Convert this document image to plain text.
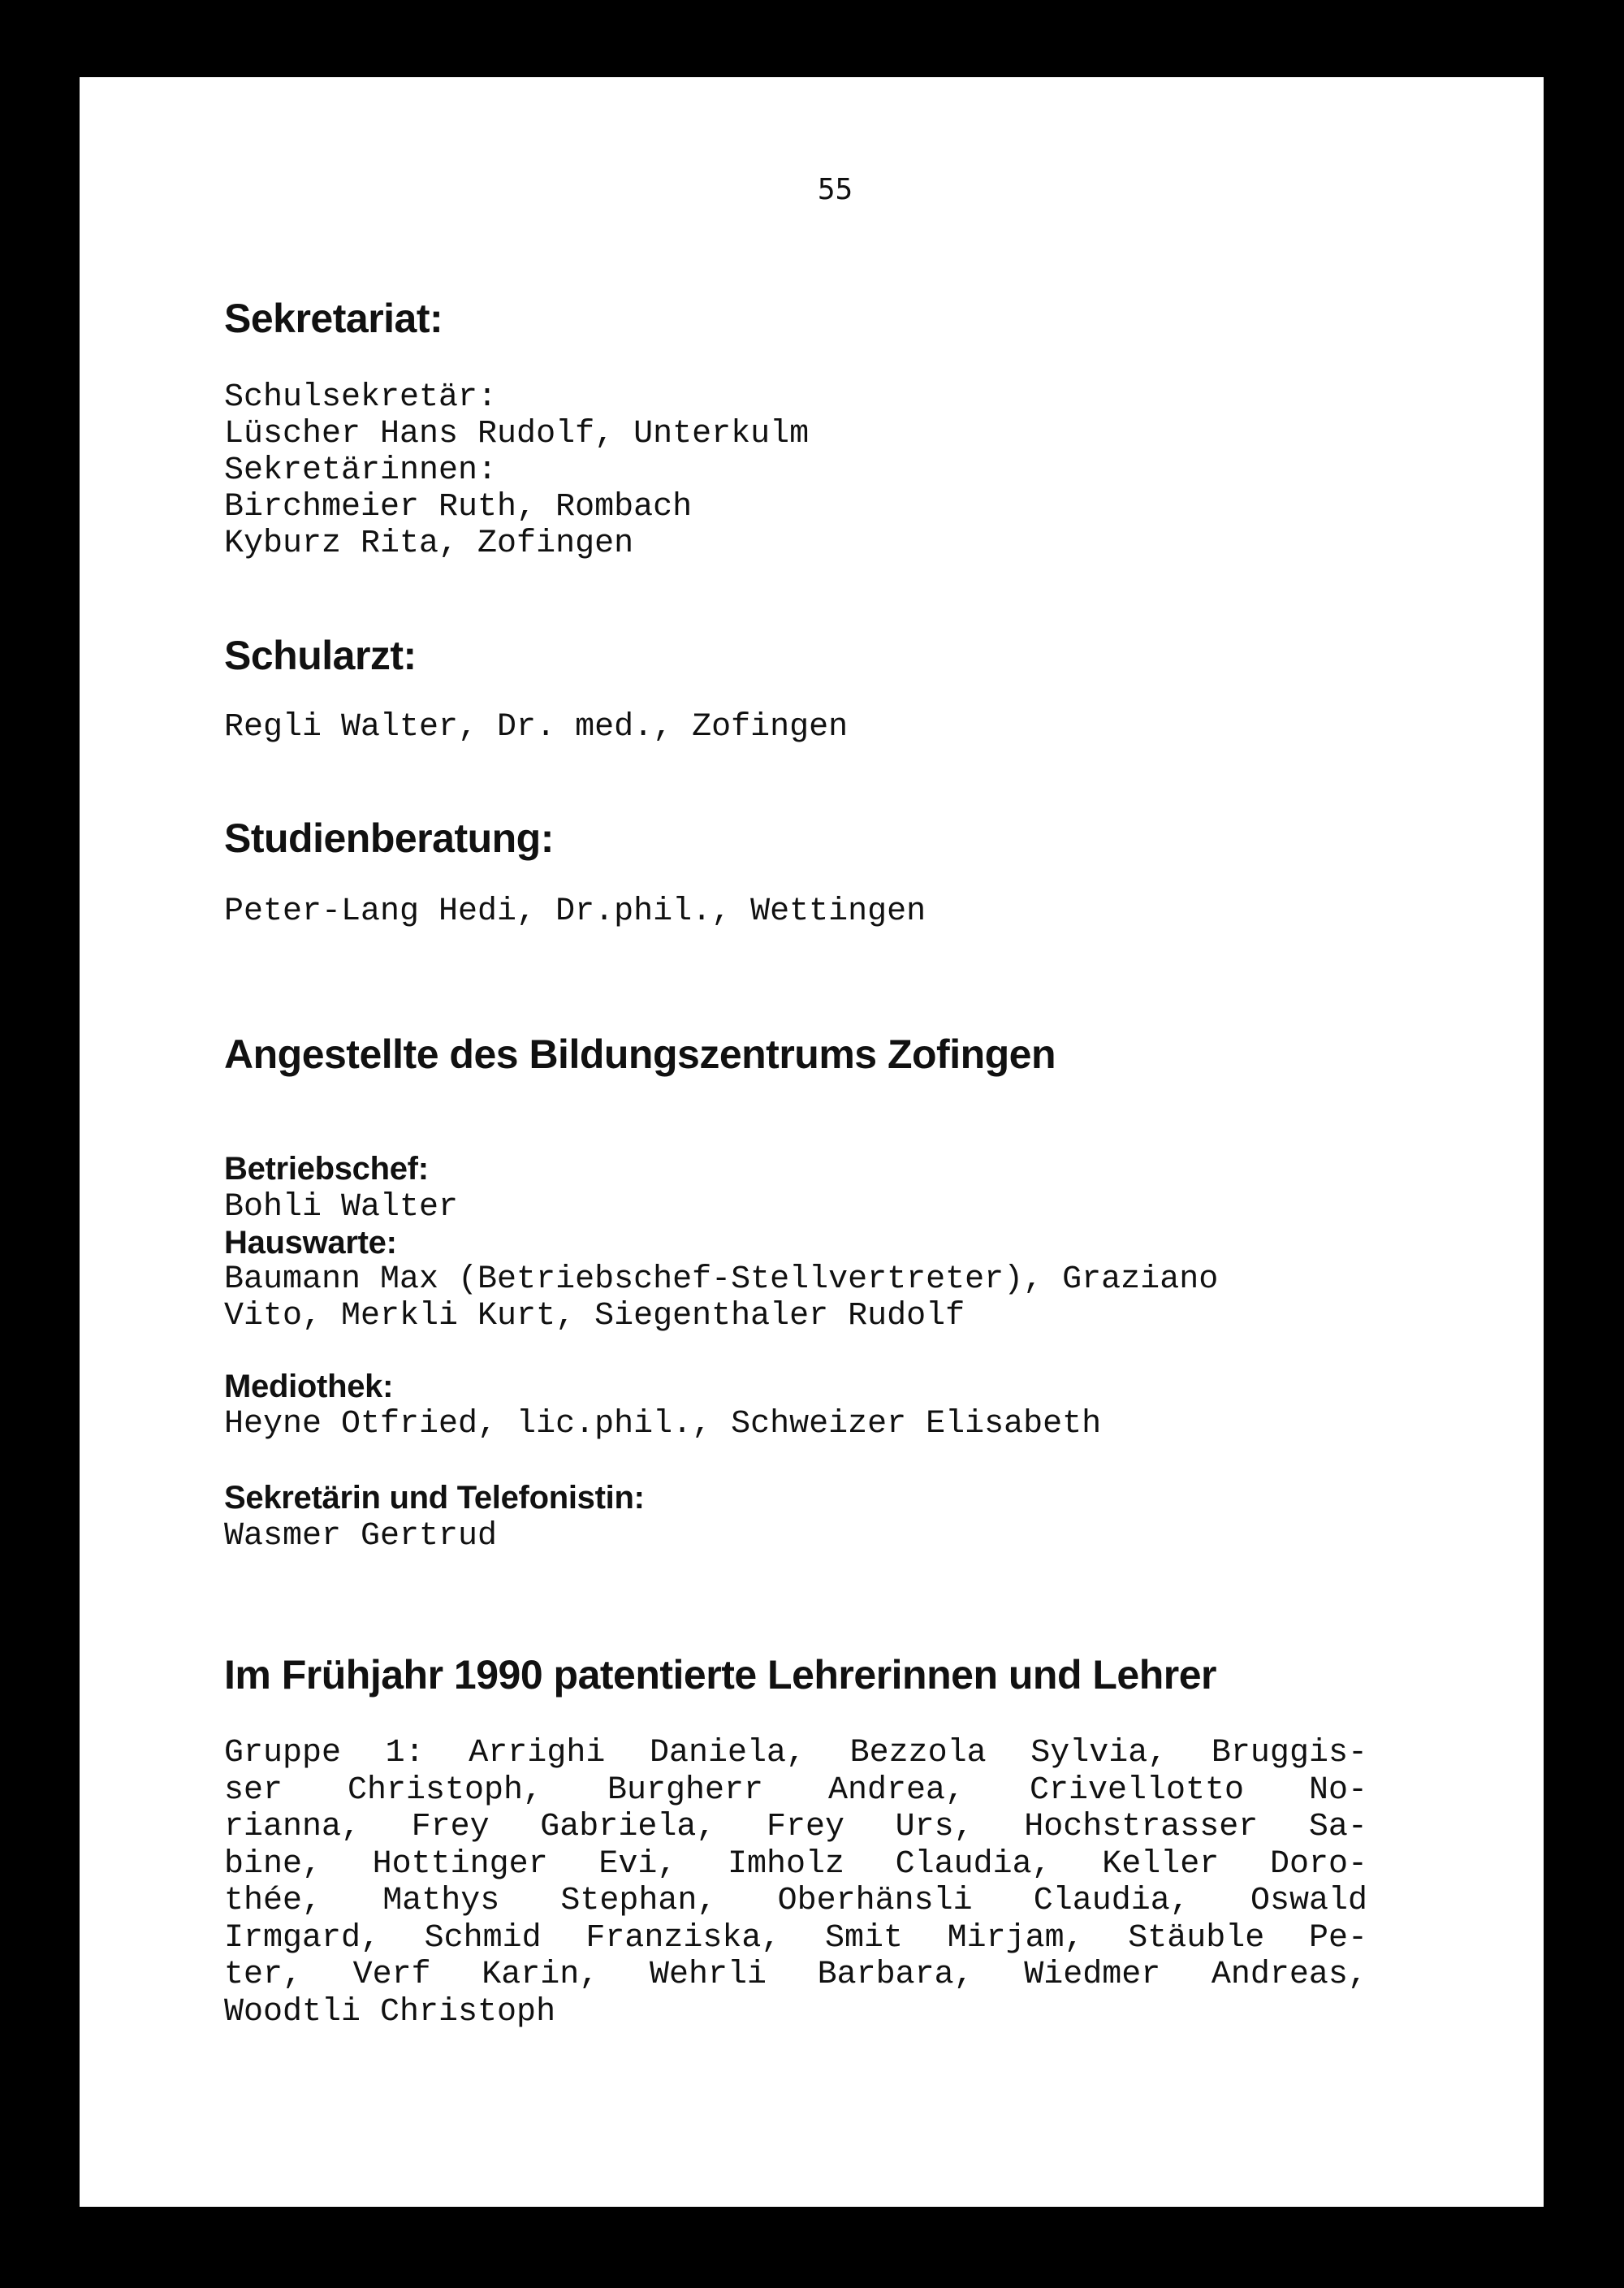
55
Sekretariat:
Schulsekretär:
Lüscher Hans Rudolf, Unterkulm
Sekretärinnen:
Birchmeier Ruth, Rombach
Kyburz Rita, Zofingen
Schularzt:
Regli Walter, Dr. med., Zofingen
Studienberatung:
Peter-Lang Hedi, Dr.phil., Wettingen
Angestellte des Bildungszentrums Zofingen
Betriebschef:
Bohli Walter
Hauswarte:
Baumann Max (Betriebschef-Stellvertreter), Graziano
Vito, Merkli Kurt, Siegenthaler Rudolf
Mediothek:
Heyne Otfried, lic.phil., Schweizer Elisabeth
Sekretärin und Telefonistin:
Wasmer Gertrud
Im Frühjahr 1990 patentierte Lehrerinnen und Lehrer
Gruppe 1: Arrighi Daniela, Bezzola Sylvia, Bruggis-
ser Christoph, Burgherr Andrea, Crivellotto No-
rianna, Frey Gabriela, Frey Urs, Hochstrasser Sa-
bine, Hottinger Evi, Imholz Claudia, Keller Doro-
thée, Mathys Stephan, Oberhänsli Claudia, Oswald
Irmgard, Schmid Franziska, Smit Mirjam, Stäuble Pe-
ter, Verf Karin, Wehrli Barbara, Wiedmer Andreas,
Woodtli Christoph
